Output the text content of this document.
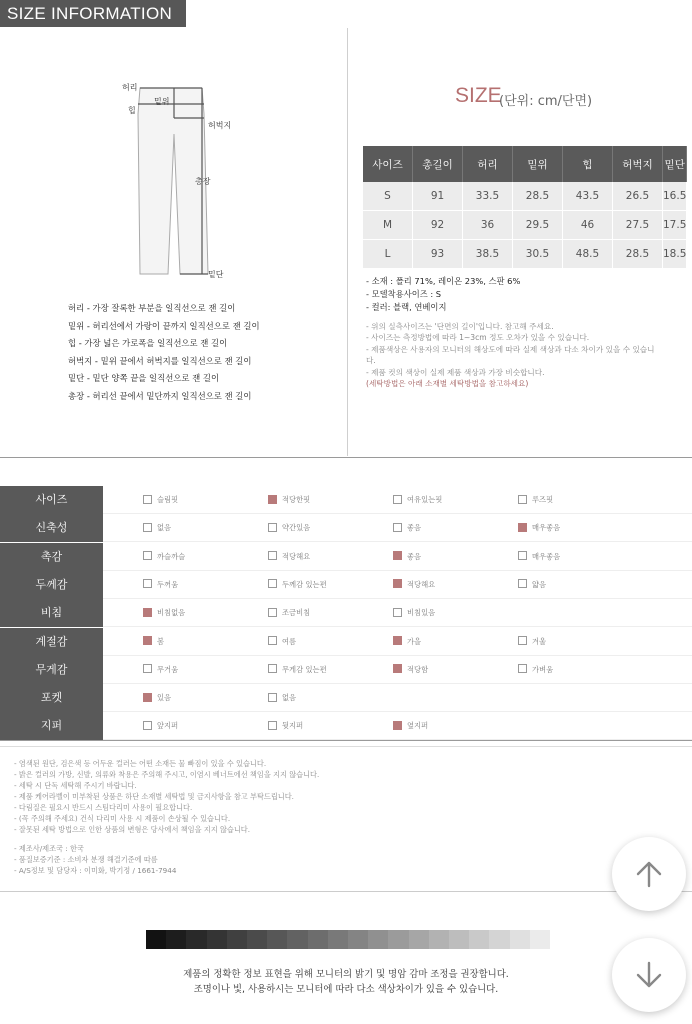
SIZE INFORMATION
허리
밑위
힙
허벅지
총장
밑단
허리 - 가장 잘록한 부분을 일직선으로 잰 길이
밑위 - 허리선에서 가랑이 끝까지 일직선으로 잰 길이
힙 - 가장 넓은 가로폭을 일직선으로 잰 길이
허벅지 - 밑위 끝에서 허벅지를 일직선으로 잰 길이
밑단 - 밑단 양쪽 끝을 일직선으로 잰 길이
총장 - 허리선 끝에서 밑단까지 일직선으로 잰 길이
SIZE
(단위: cm/단면)
사이즈	총길이	허리	밑위	힙	허벅지	밑단
S	91	33.5	28.5	43.5	26.5	16.5
M	92	36	29.5	46	27.5	17.5
L	93	38.5	30.5	48.5	28.5	18.5
- 소재 : 폴리 71%, 레이온 23%, 스판 6%
- 모델착용사이즈 : S
- 컬러: 블랙, 연베이지
- 위의 실측사이즈는 '단면의 길이'입니다. 참고해 주세요.
- 사이즈는 측정방법에 따라 1~3cm 정도 오차가 있을 수 있습니다.
- 제품색상은 사용자의 모니터의 해상도에 따라 실제 색상과 다소 차이가 있을 수 있습니
다.
- 제품 컷의 색상이 실제 제품 색상과 가장 비슷합니다.
(세탁방법은 아래 소재별 세탁방법을 참고하세요)
사이즈	슬림핏	적당한핏	여유있는핏	루즈핏
신축성	없음	약간있음	좋음	매우좋음
촉감	까슬까슬	적당해요	좋음	매우좋음
두께감	두꺼움	두께감 있는편	적당해요	얇음
비침	비침없음	조금비침	비침있음
계절감	봄	여름	가을	겨울
무게감	무거움	무게감 있는편	적당함	가벼움
포켓	있음	없음
지퍼	앞지퍼	뒷지퍼	옆지퍼
- 염색된 원단, 검은색 등 어두운 컬러는 어떤 소재든 물 빠짐이 있을 수 있습니다.
- 밝은 컬러의 가방, 신발, 의류와 착용은 주의해 주시고, 이염시 베너트에선 책임을 지지 않습니다.
- 세탁 시 단독 세탁해 주시기 바랍니다.
- 제품 케어라벨이 미부착된 상품은 하단 소재별 세탁법 및 금지사항을 참고 부탁드립니다.
- 다림질은 필요시 반드시 스팀다리미 사용이 필요합니다.
- (꼭 주의해 주세요) 건식 다리미 사용 시 제품이 손상될 수 있습니다.
- 잘못된 세탁 방법으로 인한 상품의 변형은 당사에서 책임을 지지 않습니다.
- 제조사/제조국 : 한국
- 품질보증기준 : 소비자 분쟁 해결기준에 따름
- A/S정보 및 담당자 : 이미화, 박기정 / 1661-7944
제품의 정확한 정보 표현을 위해 모니터의 밝기 및 명암 감마 조정을 권장합니다.
조명이나 빛, 사용하시는 모니터에 따라 다소 색상차이가 있을 수 있습니다.
